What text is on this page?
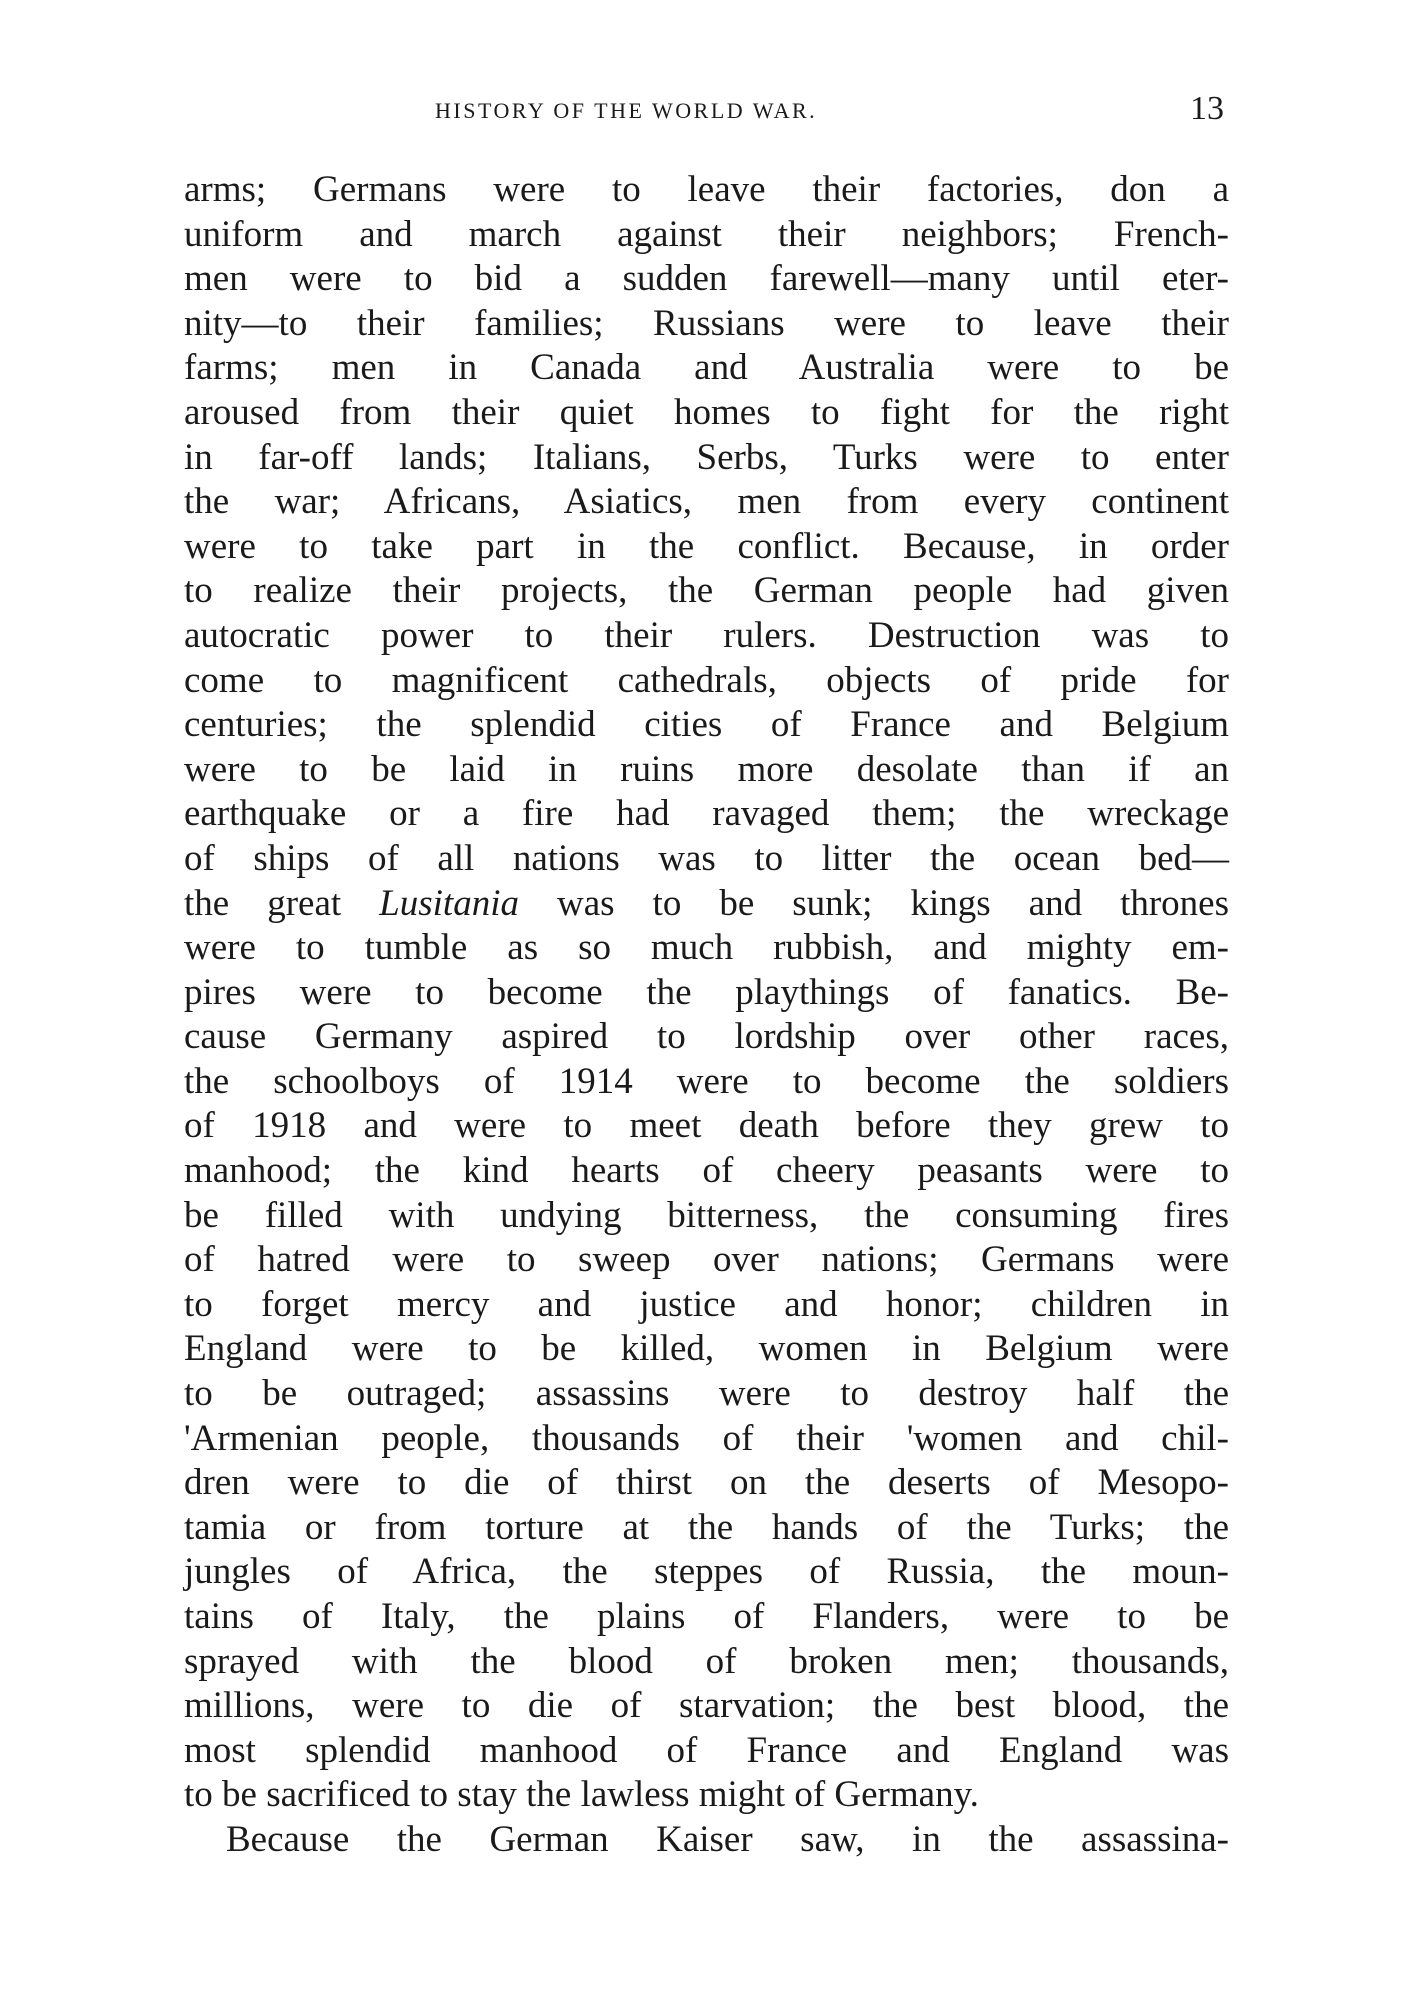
HISTORY OF THE WORLD WAR.	13
arms; Germans were to leave their factories, don a
uniform and march against their neighbors; French-
men were to bid a sudden farewell—many until eter-
nity—to their families; Russians were to leave their
farms; men in Canada and Australia were to be
aroused from their quiet homes to fight for the right
in far-off lands; Italians, Serbs, Turks were to enter
the war; Africans, Asiatics, men from every continent
were to take part in the conflict. Because, in order
to realize their projects, the German people had given
autocratic power to their rulers. Destruction was to
come to magnificent cathedrals, objects of pride for
centuries; the splendid cities of France and Belgium
were to be laid in ruins more desolate than if an
earthquake or a fire had ravaged them; the wreckage
of ships of all nations was to litter the ocean bed—
the great Lusitania was to be sunk; kings and thrones
were to tumble as so much rubbish, and mighty em-
pires were to become the playthings of fanatics. Be-
cause Germany aspired to lordship over other races,
the schoolboys of 1914 were to become the soldiers
of 1918 and were to meet death before they grew to
manhood; the kind hearts of cheery peasants were to
be filled with undying bitterness, the consuming fires
of hatred were to sweep over nations; Germans were
to forget mercy and justice and honor; children in
England were to be killed, women in Belgium were
to be outraged; assassins were to destroy half the
'Armenian people, thousands of their 'women and chil-
dren were to die of thirst on the deserts of Mesopo-
tamia or from torture at the hands of the Turks; the
jungles of Africa, the steppes of Russia, the moun-
tains of Italy, the plains of Flanders, were to be
sprayed with the blood of broken men; thousands,
millions, were to die of starvation; the best blood, the
most splendid manhood of France and England was
to be sacrificed to stay the lawless might of Germany.
Because the German Kaiser saw, in the assassina-
